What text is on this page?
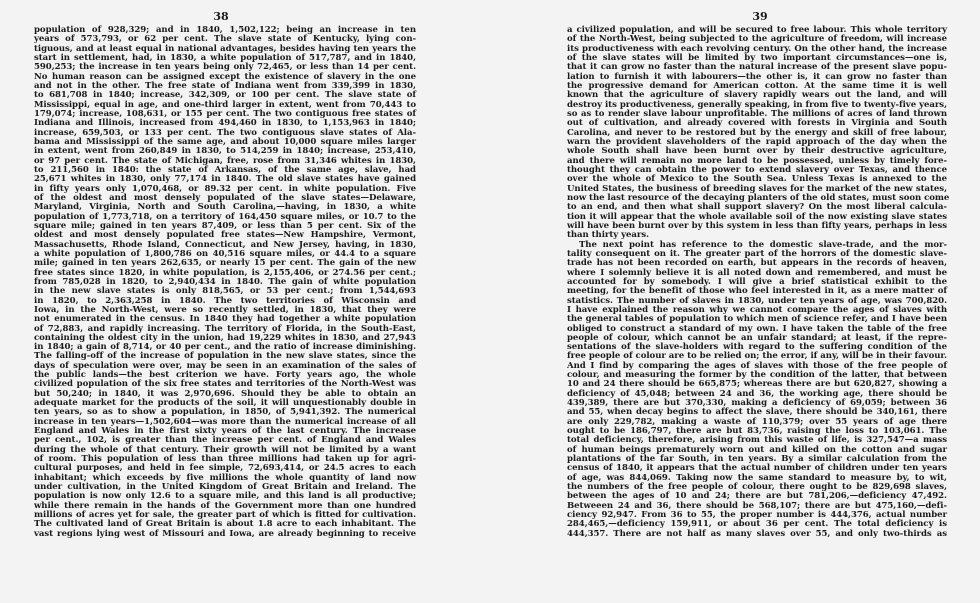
38
population of 928,329; and in 1840, 1,502,122; being an increase in ten
years of 573,793, or 62 per cent. The slave state of Kentucky, lying con-
tiguous, and at least equal in national advantages, besides having ten years the
start in settlement, had, in 1830, a white population of 517,787, and in 1840,
590,253; the increase in ten years being only 72,465, or less than 14 per cent.
No human reason can be assigned except the existence of slavery in the one
and not in the other. The free state of Indiana went from 339,399 in 1830,
to 681,708 in 1840; increase, 342,309, or 100 per cent. The slave state of
Mississippi, equal in age, and one-third larger in extent, went from 70,443 to
179,074; increase, 108,631, or 155 per cent. The two contiguous free states of
Indiana and Illinois, increased from 494,460 in 1830, to 1,153,963 in 1840;
increase, 659,503, or 133 per cent. The two contiguous slave states of Ala-
bama and Mississippi of the same age, and about 10,000 square miles larger
in extent, went from 260,849 in 1830, to 514,259 in 1840; increase, 253,410,
or 97 per cent. The state of Michigan, free, rose from 31,346 whites in 1830,
to 211,560 in 1840: the state of Arkansas, of the same age, slave, had
25,671 whites in 1830, only 77,174 in 1840. The old slave states have gained
in fifty years only 1,070,468, or 89.32 per cent. in white population. Five
of the oldest and most densely populated of the slave states—Delaware,
Maryland, Virginia, North and South Carolina,—having, in 1830, a white
population of 1,773,718, on a territory of 164,450 square miles, or 10.7 to the
square mile; gained in ten years 87,409, or less than 5 per cent. Six of the
oldest and most densely populated free states—New Hampshire, Vermont,
Massachusetts, Rhode Island, Connecticut, and New Jersey, having, in 1830,
a white population of 1,800,786 on 40,516 square miles, or 44.4 to a square
mile; gained in ten years 262,635, or nearly 15 per cent. The gain of the new
free states since 1820, in white population, is 2,155,406, or 274.56 per cent.;
from 785,028 in 1820, to 2,940,434 in 1840. The gain of white population
in the new slave states is only 818,565, or 53 per cent.; from 1,544,693
in 1820, to 2,363,258 in 1840. The two territories of Wisconsin and
Iowa, in the North-West, were so recently settled, in 1830, that they were
not enumerated in the census. In 1840 they had together a white population
of 72,883, and rapidly increasing. The territory of Florida, in the South-East,
containing the oldest city in the union, had 19,229 whites in 1830, and 27,943
in 1840; a gain of 8,714, or 40 per cent., and the ratio of increase diminishing.
The falling-off of the increase of population in the new slave states, since the
days of speculation were over, may be seen in an examination of the sales of
the public lands—the best criterion we have. Forty years ago, the whole
civilized population of the six free states and territories of the North-West was
but 50,240; in 1840, it was 2,970,696. Should they be able to obtain an
adequate market for the products of the soil, it will unquestionably double in
ten years, so as to show a population, in 1850, of 5,941,392. The numerical
increase in ten years—1,502,604—was more than the numerical increase of all
England and Wales in the first sixty years of the last century. The increase
per cent., 102, is greater than the increase per cent. of England and Wales
during the whole of that century. Their growth will not be limited by a want
of room. This population of less than three millions had taken up for agri-
cultural purposes, and held in fee simple, 72,693,414, or 24.5 acres to each
inhabitant; which exceeds by five millions the whole quantity of land now
under cultivation, in the United Kingdom of Great Britain and Ireland. The
population is now only 12.6 to a square mile, and this land is all productive;
while there remain in the hands of the Government more than one hundred
millions of acres yet for sale, the greater part of which is fitted for cultivation.
The cultivated land of Great Britain is about 1.8 acre to each inhabitant. The
vast regions lying west of Missouri and Iowa, are already beginning to receive
39
a civilized population, and will be secured to free labour. This whole territory
of the North-West, being subjected to the agriculture of freedom, will increase
its productiveness with each revolving century. On the other hand, the increase
of the slave states will be limited by two important circumstances—one is,
that it can grow no faster than the natural increase of the present slave popu-
lation to furnish it with labourers—the other is, it can grow no faster than
the progressive demand for American cotton. At the same time it is well
known that the agriculture of slavery rapidly wears out the land, and will
destroy its productiveness, generally speaking, in from five to twenty-five years,
so as to render slave labour unprofitable. The millions of acres of land thrown
out of cultivation, and already covered with forests in Virginia and South
Carolina, and never to be restored but by the energy and skill of free labour,
warn the provident slaveholders of the rapid approach of the day when the
whole South shall have been burnt over by their destructive agriculture,
and there will remain no more land to be possessed, unless by timely fore-
thought they can obtain the power to extend slavery over Texas, and thence
over the whole of Mexico to the South Sea. Unless Texas is annexed to the
United States, the business of breeding slaves for the market of the new states,
now the last resource of the decaying planters of the old states, must soon come
to an end, and then what shall support slavery? On the most liberal calcula-
tion it will appear that the whole available soil of the now existing slave states
will have been burnt over by this system in less than fifty years, perhaps in less
than thirty years.
The next point has reference to the domestic slave-trade, and the mor-
tality consequent on it. The greater part of the horrors of the domestic slave-
trade has not been recorded on earth, but appears in the records of heaven,
where I solemnly believe it is all noted down and remembered, and must be
accounted for by somebody. I will give a brief statistical exhibit to the
meeting, for the benefit of those who feel interested in it, as a mere matter of
statistics. The number of slaves in 1830, under ten years of age, was 700,820.
I have explained the reason why we cannot compare the ages of slaves with
the general tables of population to which men of science refer, and I have been
obliged to construct a standard of my own. I have taken the table of the free
people of colour, which cannot be an unfair standard; at least, if the repre-
sentations of the slave-holders with regard to the suffering condition of the
free people of colour are to be relied on; the error, if any, will be in their favour.
And I find by comparing the ages of slaves with those of the free people of
colour, and measuring the former by the condition of the latter, that between
10 and 24 there should be 665,875; whereas there are but 620,827, showing a
deficiency of 45,048; between 24 and 36, the working age, there should be
439,389, there are but 370,330, making a deficiency of 69,059; between 36
and 55, when decay begins to affect the slave, there should be 340,161, there
are only 229,782, making a waste of 110,379; over 55 years of age there
ought to be 186,797, there are but 83,736, raising the loss to 103,061. The
total deficiency, therefore, arising from this waste of life, is 327,547—a mass
of human beings prematurely worn out and killed on the cotton and sugar
plantations of the far South, in ten years. By a similar calculation from the
census of 1840, it appears that the actual number of children under ten years
of age, was 844,069. Taking now the same standard to measure by, to wit,
the numbers of the free people of colour, there ought to be 829,698 slaves,
between the ages of 10 and 24; there are but 781,206,—deficiency 47,492.
Betweeen 24 and 36, there should be 568,107; there are but 475,160,—defi-
ciency 92,947. From 36 to 55, the proper number is 444,376, actual number
284,465,—deficiency 159,911, or about 36 per cent. The total deficiency is
444,357. There are not half as many slaves over 55, and only two-thirds as
